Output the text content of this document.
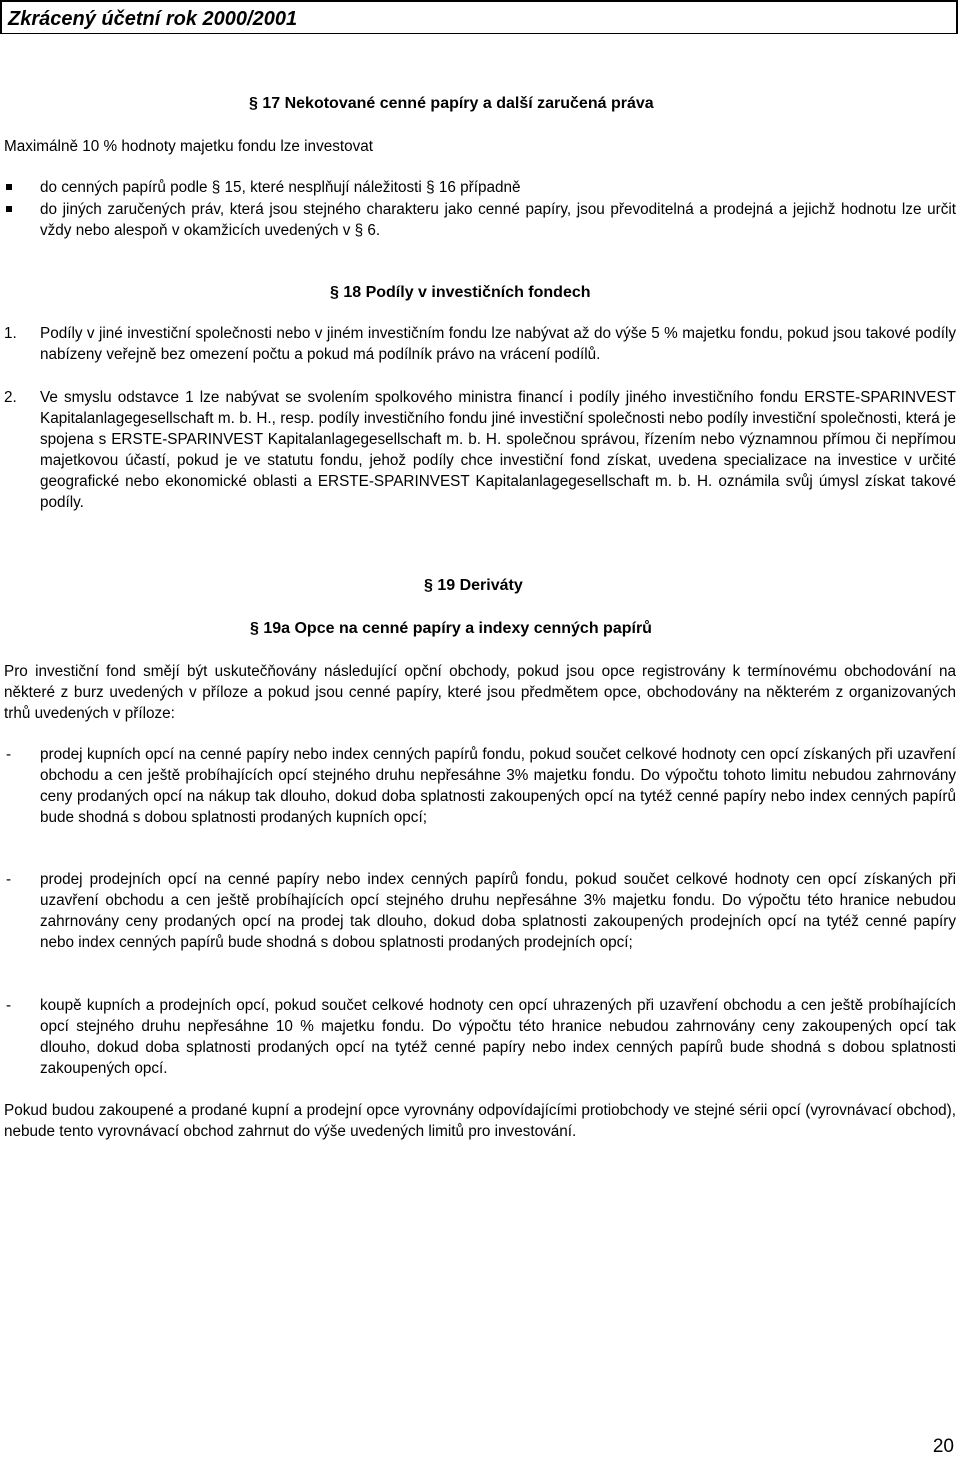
Zkrácený účetní rok 2000/2001
§ 17 Nekotované cenné papíry a další zaručená práva
Maximálně 10 % hodnoty majetku fondu lze investovat
do cenných papírů podle § 15, které nesplňují náležitosti § 16 případně
do jiných zaručených práv, která jsou stejného charakteru jako cenné papíry, jsou převoditelná a prodejná a jejichž hodnotu lze určit vždy nebo alespoň v okamžicích uvedených v § 6.
§ 18 Podíly v investičních fondech
1. Podíly v jiné investiční společnosti nebo v jiném investičním fondu lze nabývat až do výše 5 % majetku fondu, pokud jsou takové podíly nabízeny veřejně bez omezení počtu a pokud má podílník právo na vrácení podílů.
2. Ve smyslu odstavce 1 lze nabývat se svolením spolkového ministra financí i podíly jiného investičního fondu ERSTE-SPARINVEST Kapitalanlagegesellschaft m. b. H., resp. podíly investičního fondu jiné investiční společnosti nebo podíly investiční společnosti, která je spojena s ERSTE-SPARINVEST Kapitalanlagegesellschaft m. b. H. společnou správou, řízením nebo významnou přímou či nepřímou majetkovou účastí, pokud je ve statutu fondu, jehož podíly chce investiční fond získat, uvedena specializace na investice v určité geografické nebo ekonomické oblasti a ERSTE-SPARINVEST Kapitalanlagegesellschaft m. b. H. oznámila svůj úmysl získat takové podíly.
§ 19 Deriváty
§ 19a Opce na cenné papíry a indexy cenných papírů
Pro investiční fond smějí být uskutečňovány následující opční obchody, pokud jsou opce registrovány k termínovému obchodování na některé z burz uvedených v příloze a pokud jsou cenné papíry, které jsou předmětem opce, obchodovány na některém z organizovaných trhů uvedených v příloze:
- prodej kupních opcí na cenné papíry nebo index cenných papírů fondu, pokud součet celkové hodnoty cen opcí získaných při uzavření obchodu a cen ještě probíhajících opcí stejného druhu nepřesáhne 3% majetku fondu. Do výpočtu tohoto limitu nebudou zahrnovány ceny prodaných opcí na nákup tak dlouho, dokud doba splatnosti zakoupených opcí na tytéž cenné papíry nebo index cenných papírů bude shodná s dobou splatnosti prodaných kupních opcí;
- prodej prodejních opcí na cenné papíry nebo index cenných papírů fondu, pokud součet celkové hodnoty cen opcí získaných při uzavření obchodu a cen ještě probíhajících opcí stejného druhu nepřesáhne 3% majetku fondu. Do výpočtu této hranice nebudou zahrnovány ceny prodaných opcí na prodej tak dlouho, dokud doba splatnosti zakoupených prodejních opcí na tytéž cenné papíry nebo index cenných papírů bude shodná s dobou splatnosti prodaných prodejních opcí;
- koupě kupních a prodejních opcí, pokud součet celkové hodnoty cen opcí uhrazených při uzavření obchodu a cen ještě probíhajících opcí stejného druhu nepřesáhne 10 % majetku fondu. Do výpočtu této hranice nebudou zahrnovány ceny zakoupených opcí tak dlouho, dokud doba splatnosti prodaných opcí na tytéž cenné papíry nebo index cenných papírů bude shodná s dobou splatnosti zakoupených opcí.
Pokud budou zakoupené a prodané kupní a prodejní opce vyrovnány odpovídajícími protiobchody ve stejné sérii opcí (vyrovnávací obchod), nebude tento vyrovnávací obchod zahrnut do výše uvedených limitů pro investování.
20
